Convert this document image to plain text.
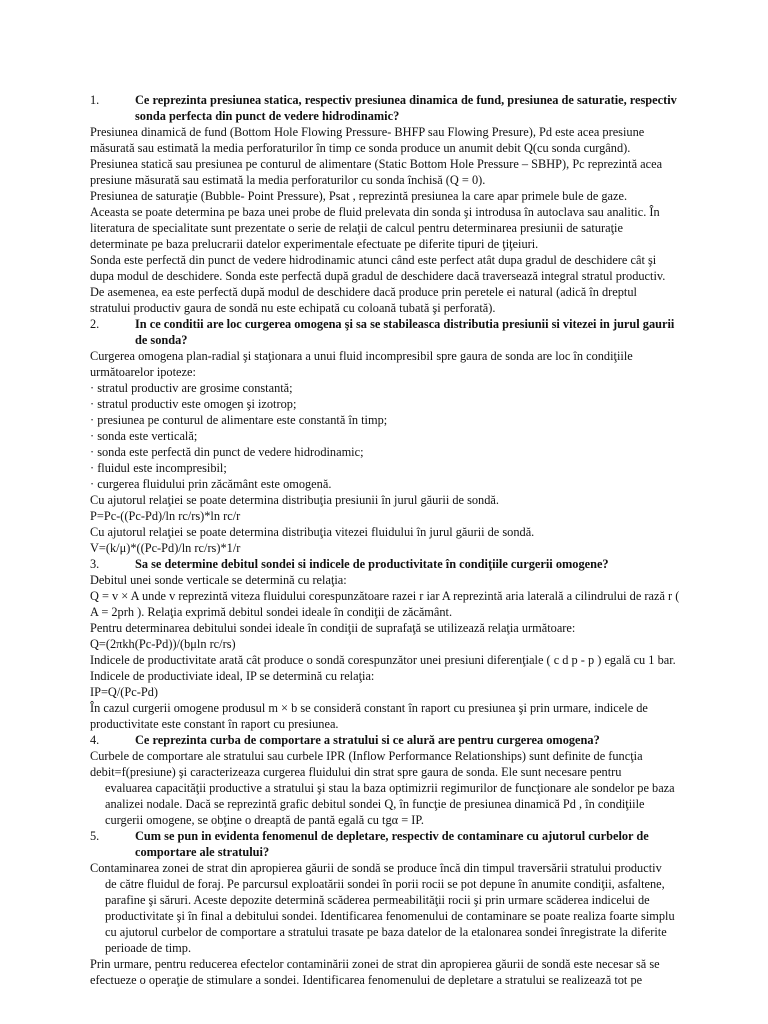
1.	Ce reprezinta presiunea statica, respectiv presiunea dinamica de fund, presiunea de saturatie, respectiv sonda perfecta din punct de vedere hidrodinamic?

Presiunea dinamică de fund (Bottom Hole Flowing Pressure- BHFP sau Flowing Presure), Pd este acea presiune măsurată sau estimată la media perforaturilor în timp ce sonda produce un anumit debit Q(cu sonda curgând).

Presiunea statică sau presiunea pe conturul de alimentare (Static Bottom Hole Pressure – SBHP), Pc reprezintă acea presiune măsurată sau estimată la media perforaturilor cu sonda închisă (Q = 0).

Presiunea de saturaţie (Bubble- Point Pressure), Psat , reprezintă presiunea la care apar primele bule de gaze.

Aceasta se poate determina pe baza unei probe de fluid prelevata din sonda şi introdusa în autoclava sau analitic. În literatura de specialitate sunt prezentate o serie de relaţii de calcul pentru determinarea presiunii de saturaţie determinate pe baza prelucrarii datelor experimentale efectuate pe diferite tipuri de ţiţeiuri.

Sonda este perfectă din punct de vedere hidrodinamic atunci când este perfect atât dupa gradul de deschidere cât şi dupa modul de deschidere. Sonda este perfectă după gradul de deschidere dacă traversează integral stratul productiv. De asemenea, ea este perfectă după modul de deschidere dacă produce prin peretele ei natural (adică în dreptul stratului productiv gaura de sondă nu este echipată cu coloană tubată şi perforată).

2.	In ce conditii are loc curgerea omogena şi sa se stabileasca distributia presiunii si vitezei in jurul gaurii de sonda?

Curgerea omogena plan-radial şi staţionara a unui fluid incompresibil spre gaura de sonda are loc în condiţiile următoarelor ipoteze:

· stratul productiv are grosime constantă;

· stratul productiv este omogen şi izotrop;

· presiunea pe conturul de alimentare este constantă în timp;

· sonda este verticală;

· sonda este perfectă din punct de vedere hidrodinamic;

· fluidul este incompresibil;

· curgerea fluidului prin zăcământ este omogenă.

Cu ajutorul relaţiei se poate determina distribuţia presiunii în jurul găurii de sondă.

P=Pc-((Pc-Pd)/ln rc/rs)*ln rc/r

Cu ajutorul relaţiei se poate determina distribuţia vitezei fluidului în jurul găurii de sondă.

V=(k/μ)*((Pc-Pd)/ln rc/rs)*1/r

3.	Sa se determine debitul sondei si indicele de productivitate în condiţiile curgerii omogene?

Debitul unei sonde verticale se determină cu relaţia:

Q = v × A unde v reprezintă viteza fluidului corespunzătoare razei r iar A reprezintă aria laterală a cilindrului de rază r ( A = 2prh ). Relaţia exprimă debitul sondei ideale în condiţii de zăcământ.

Pentru determinarea debitului sondei ideale în condiţii de suprafaţă se utilizează relaţia următoare:

Q=(2πkh(Pc-Pd))/(bμln rc/rs)

Indicele de productivitate arată cât produce o sondă corespunzător unei presiuni diferenţiale ( c d p - p ) egală cu 1 bar. Indicele de productiviate ideal, IP se determină cu relaţia:

IP=Q/(Pc-Pd)

În cazul curgerii omogene produsul m × b se consideră constant în raport cu presiunea şi prin urmare, indicele de productivitate este constant în raport cu presiunea.

4.	Ce reprezinta curba de comportare a stratului si ce alură are pentru curgerea omogena?

Curbele de comportare ale stratului sau curbele IPR (Inflow Performance Relationships) sunt definite de funcţia debit=f(presiune) şi caracterizeaza curgerea fluidului din strat spre gaura de sonda. Ele sunt necesare pentru

evaluarea capacităţii productive a stratului şi stau la baza optimizrii regimurilor de funcţionare ale sondelor pe baza analizei nodale. Dacă se reprezintă grafic debitul sondei Q, în funcţie de presiunea dinamică Pd , în condiţiile curgerii omogene, se obţine o dreaptă de pantă egală cu tgα = IP.

5.	Cum se pun in evidenta fenomenul de depletare, respectiv de contaminare cu ajutorul curbelor de comportare ale stratului?

Contaminarea zonei de strat din apropierea găurii de sondă se produce încă din timpul traversării stratului productiv

de către fluidul de foraj. Pe parcursul exploatării sondei în porii rocii se pot depune în anumite condiţii, asfaltene, parafine şi săruri. Aceste depozite determină scăderea permeabilităţii rocii şi prin urmare scăderea indicelui de productivitate şi în final a debitului sondei. Identificarea fenomenului de contaminare se poate realiza foarte simplu cu ajutorul curbelor de comportare a stratului trasate pe baza datelor de la etalonarea sondei înregistrate la diferite perioade de timp.

Prin urmare, pentru reducerea efectelor contaminării zonei de strat din apropierea găurii de sondă este necesar să se efectueze o operaţie de stimulare a sondei. Identificarea fenomenului de depletare a stratului se realizează tot pe
